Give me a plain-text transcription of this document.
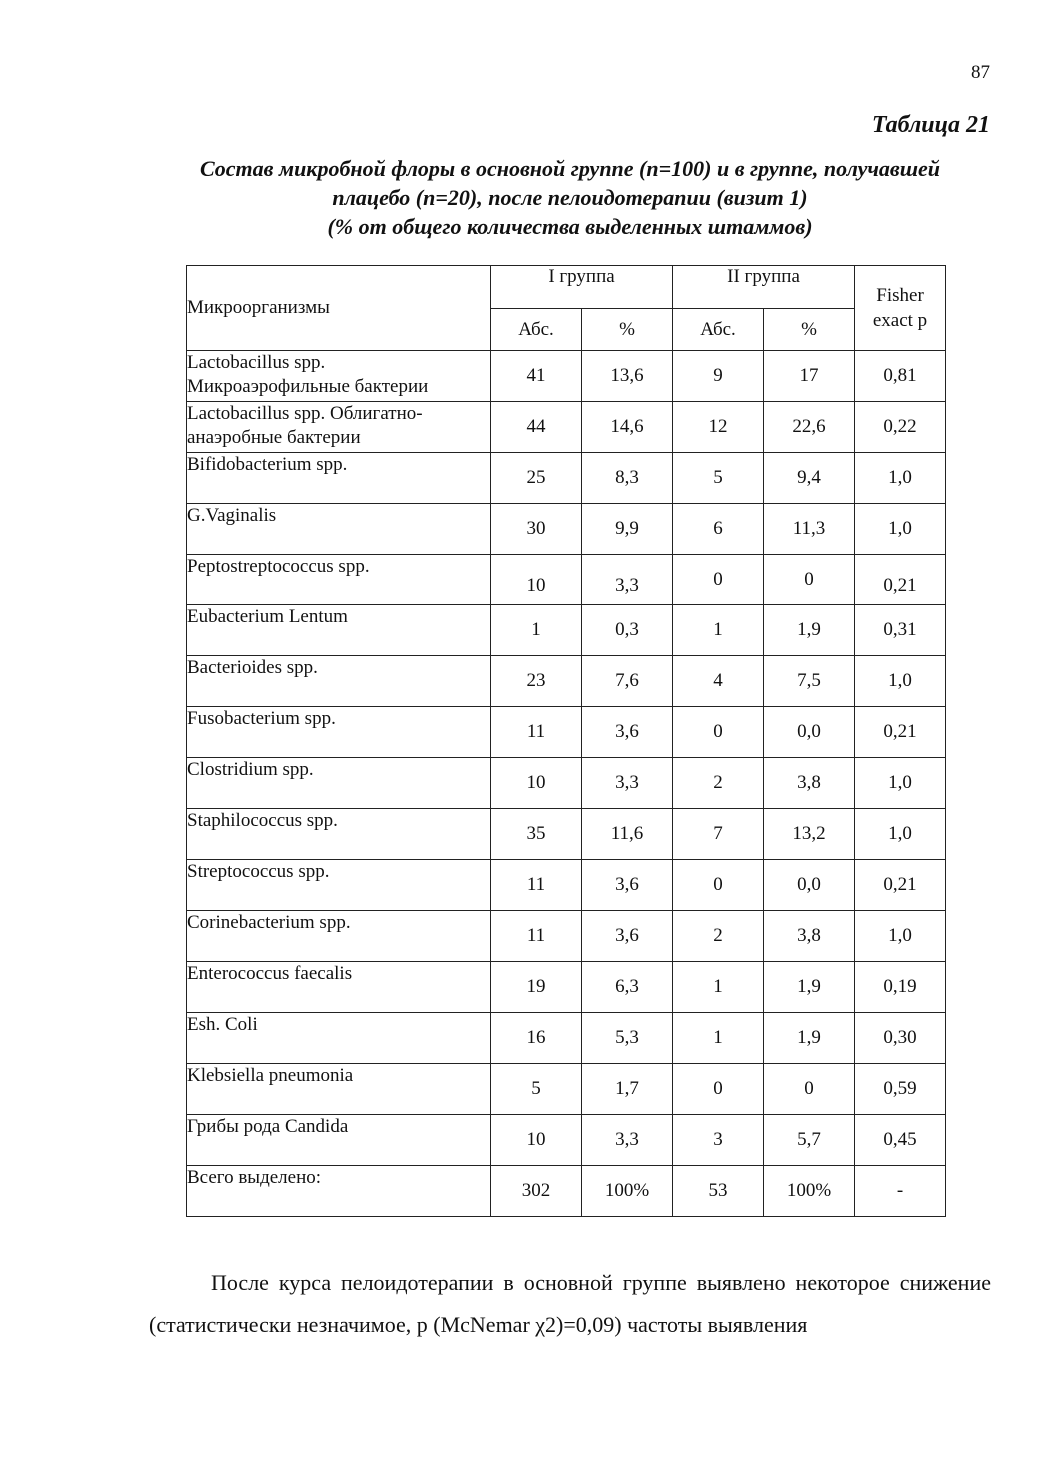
87
Таблица 21
Состав микробной флоры в основной группе (n=100) и в группе, получавшей
плацебо (n=20), после пелоидотерапии (визит 1)
(% от общего количества выделенных штаммов)
Микроорганизмы	I группа		II группа		Fisher
exact p

	Абс.	%	Абс.	%	
Lactobacillus spp. Микроаэрофильные бактерии	41	13,6	9	17	0,81
Lactobacillus spp. Облигатно-анаэробные бактерии	44	14,6	12	22,6	0,22
Bifidobacterium spp.	25	8,3	5	9,4	1,0
G.Vaginalis	30	9,9	6	11,3	1,0
Peptostreptococcus spp.	10	3,3	0	0	0,21
Eubacterium Lentum	1	0,3	1	1,9	0,31
Bacterioides spp.	23	7,6	4	7,5	1,0
Fusobacterium spp.	11	3,6	0	0,0	0,21
Clostridium spp.	10	3,3	2	3,8	1,0
Staphilococcus spp.	35	11,6	7	13,2	1,0
Streptococcus spp.	11	3,6	0	0,0	0,21
Corinebacterium spp.	11	3,6	2	3,8	1,0
Enterococcus faecalis	19	6,3	1	1,9	0,19
Esh. Coli	16	5,3	1	1,9	0,30
Klebsiella pneumonia	5	1,7	0	0	0,59
Грибы рода Candida	10	3,3	3	5,7	0,45
Всего выделено:	302	100%	53	100%	-
После курса пелоидотерапии в основной группе выявлено некоторое снижение (статистически незначимое, p (McNemar χ2)=0,09) частоты выявления
